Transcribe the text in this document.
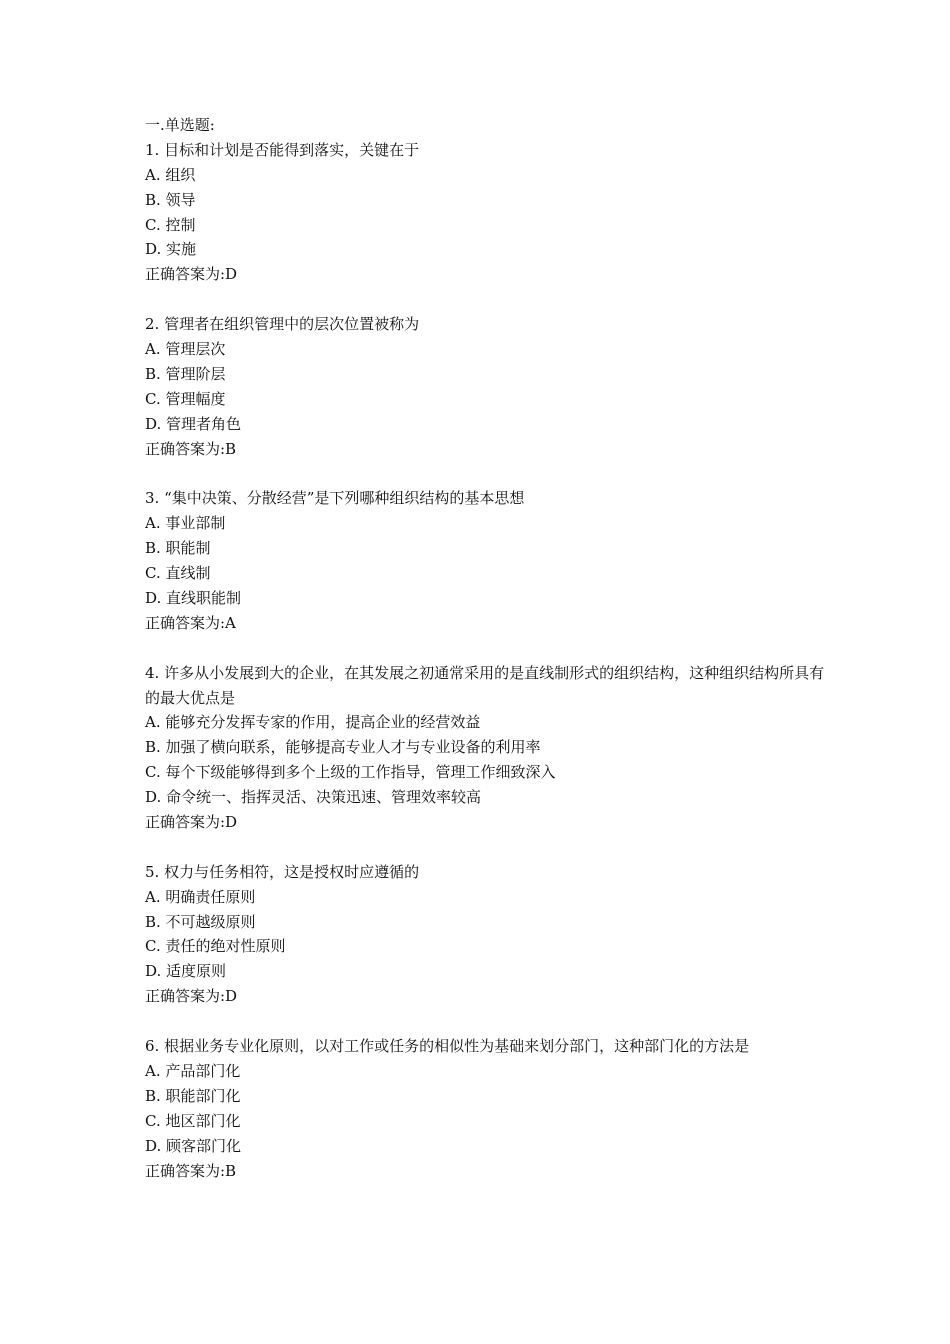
一.单选题:
1. 目标和计划是否能得到落实，关键在于
A. 组织
B. 领导
C. 控制
D. 实施
正确答案为:D
2. 管理者在组织管理中的层次位置被称为
A. 管理层次
B. 管理阶层
C. 管理幅度
D. 管理者角色
正确答案为:B
3. “集中决策、分散经营”是下列哪种组织结构的基本思想
A. 事业部制
B. 职能制
C. 直线制
D. 直线职能制
正确答案为:A
4. 许多从小发展到大的企业，在其发展之初通常采用的是直线制形式的组织结构，这种组织结构所具有的最大优点是
A. 能够充分发挥专家的作用，提高企业的经营效益
B. 加强了横向联系，能够提高专业人才与专业设备的利用率
C. 每个下级能够得到多个上级的工作指导，管理工作细致深入
D. 命令统一、指挥灵活、决策迅速、管理效率较高
正确答案为:D
5. 权力与任务相符，这是授权时应遵循的
A. 明确责任原则
B. 不可越级原则
C. 责任的绝对性原则
D. 适度原则
正确答案为:D
6. 根据业务专业化原则，以对工作或任务的相似性为基础来划分部门，这种部门化的方法是
A. 产品部门化
B. 职能部门化
C. 地区部门化
D. 顾客部门化
正确答案为:B
